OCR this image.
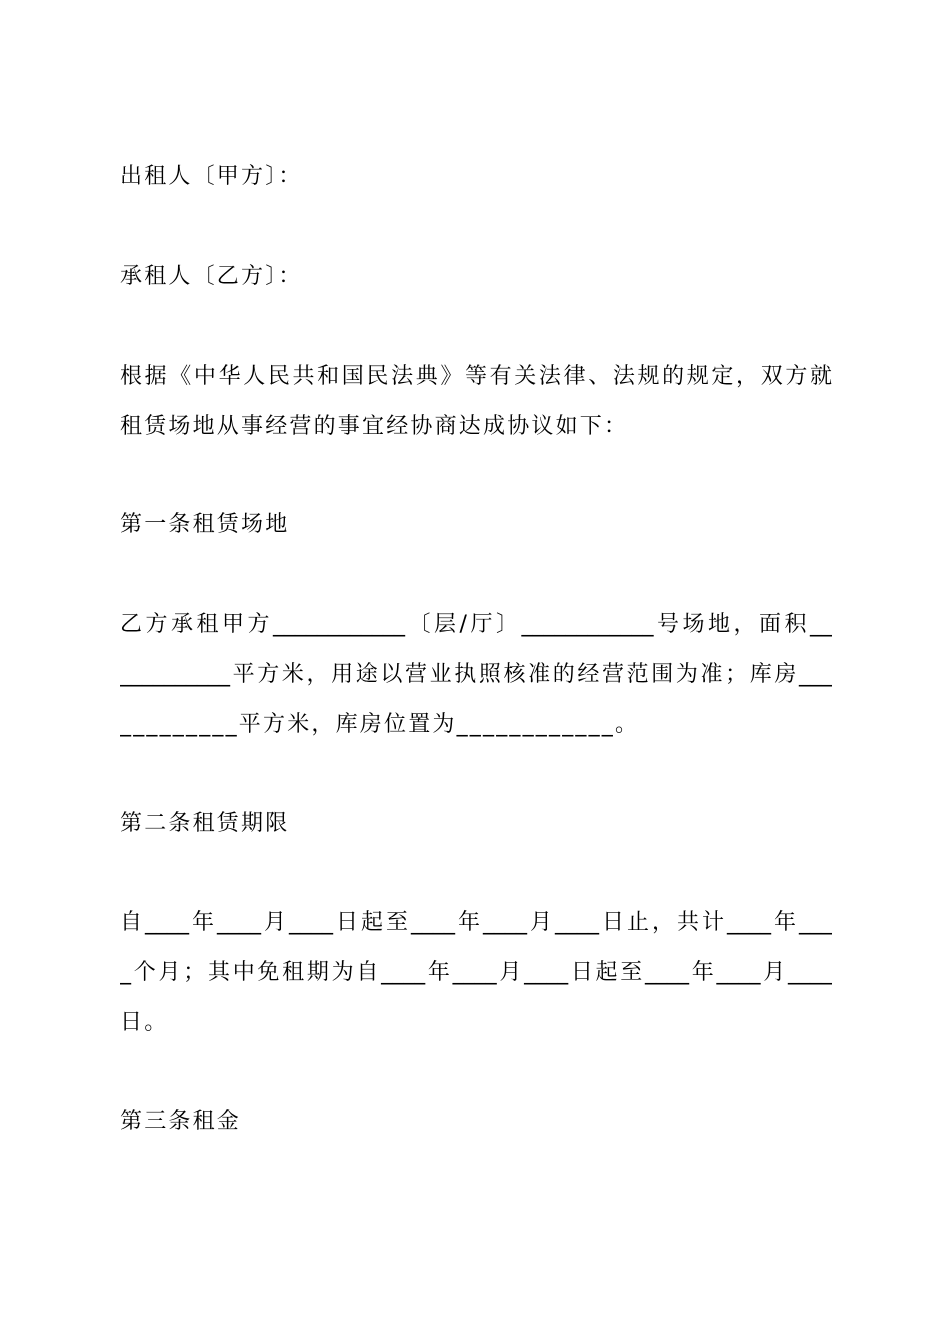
出租人〔甲方〕：
承租人〔乙方〕：
根据《中华人民共和国民法典》等有关法律、法规的规定，双方就
租赁场地从事经营的事宜经协商达成协议如下：
第一条租赁场地
乙方承租甲方____________〔层/厅〕____________号场地，面积__
__________平方米，用途以营业执照核准的经营范围为准；库房___
_________平方米，库房位置为____________。
第二条租赁期限
自____年____月____日起至____年____月____日止，共计____年___
_个月；其中免租期为自____年____月____日起至____年____月____
日。
第三条租金
